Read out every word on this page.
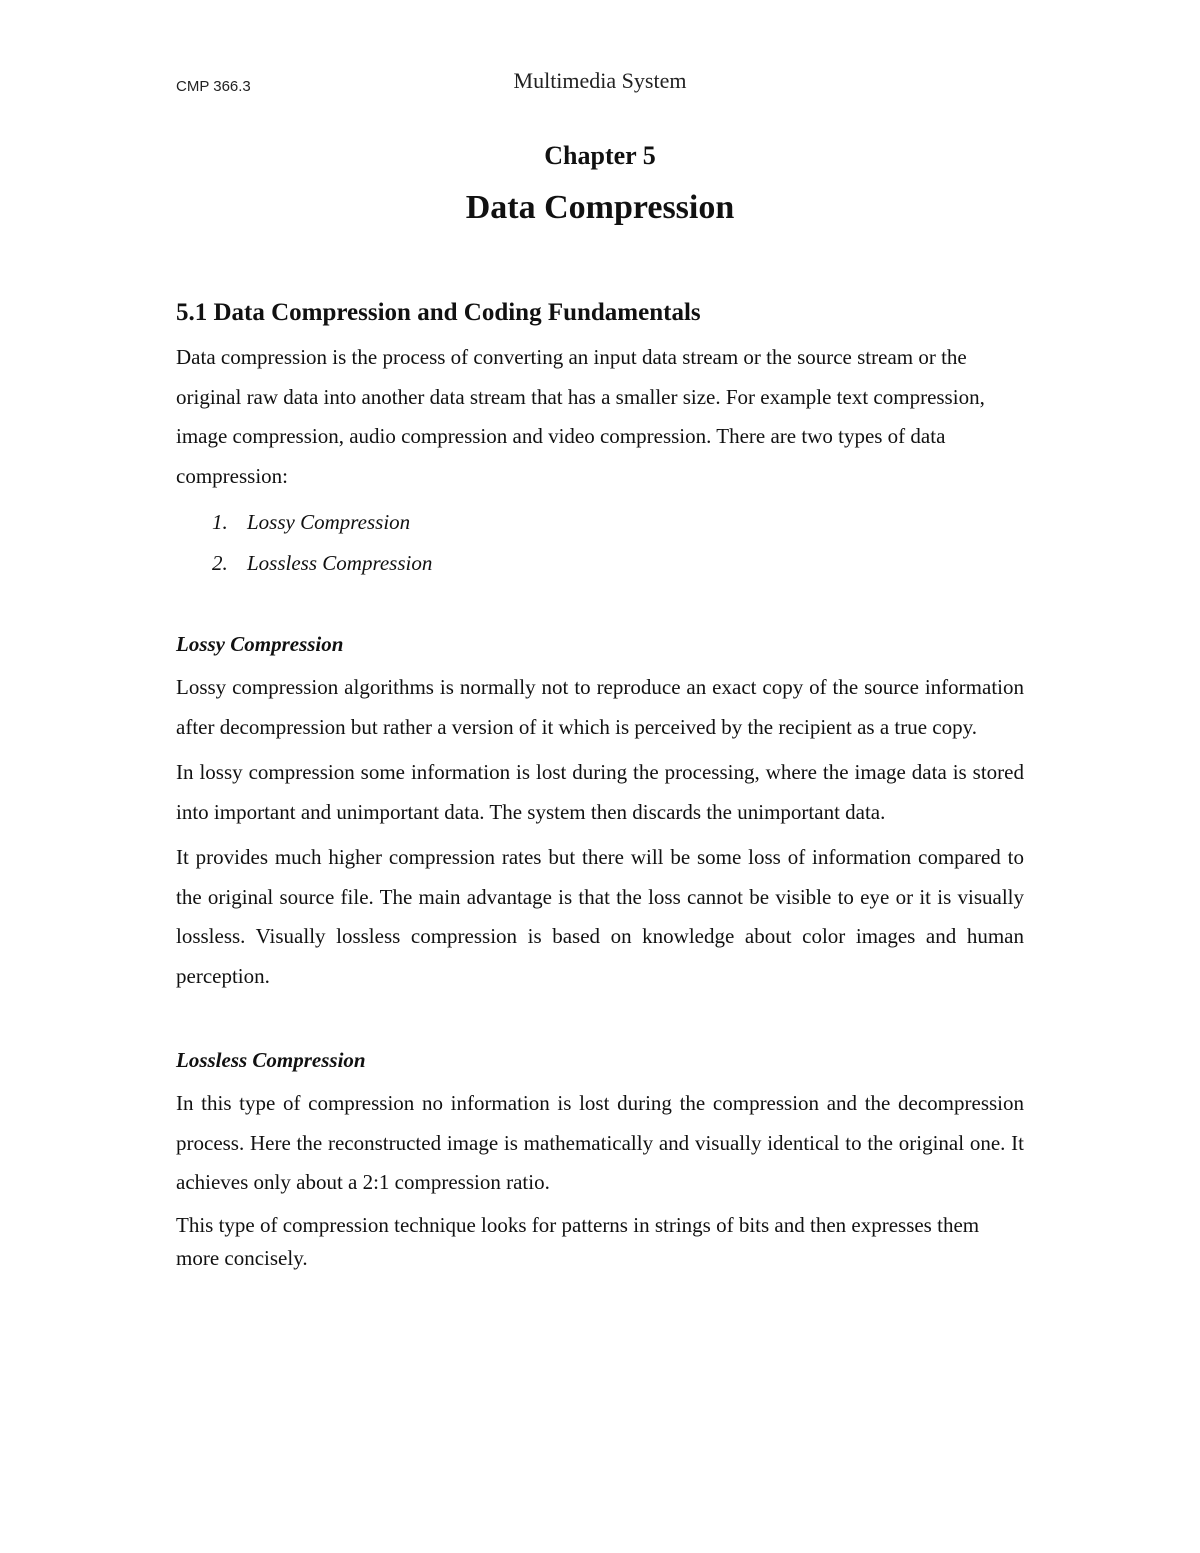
CMP 366.3	Multimedia System
Chapter 5
Data Compression
5.1 Data Compression and Coding Fundamentals

Data compression is the process of converting an input data stream or the source stream or the original raw data into another data stream that has a smaller size. For example text compression, image compression, audio compression and video compression. There are two types of data compression:

1. Lossy Compression
2. Lossless Compression
Lossy Compression

Lossy compression algorithms is normally not to reproduce an exact copy of the source information after decompression but rather a version of it which is perceived by the recipient as a true copy.

In lossy compression some information is lost during the processing, where the image data is stored into important and unimportant data. The system then discards the unimportant data.

It provides much higher compression rates but there will be some loss of information compared to the original source file. The main advantage is that the loss cannot be visible to eye or it is visually lossless. Visually lossless compression is based on knowledge about color images and human perception.

Lossless Compression

In this type of compression no information is lost during the compression and the decompression process. Here the reconstructed image is mathematically and visually identical to the original one. It achieves only about a 2:1 compression ratio.

This type of compression technique looks for patterns in strings of bits and then expresses them more concisely.
